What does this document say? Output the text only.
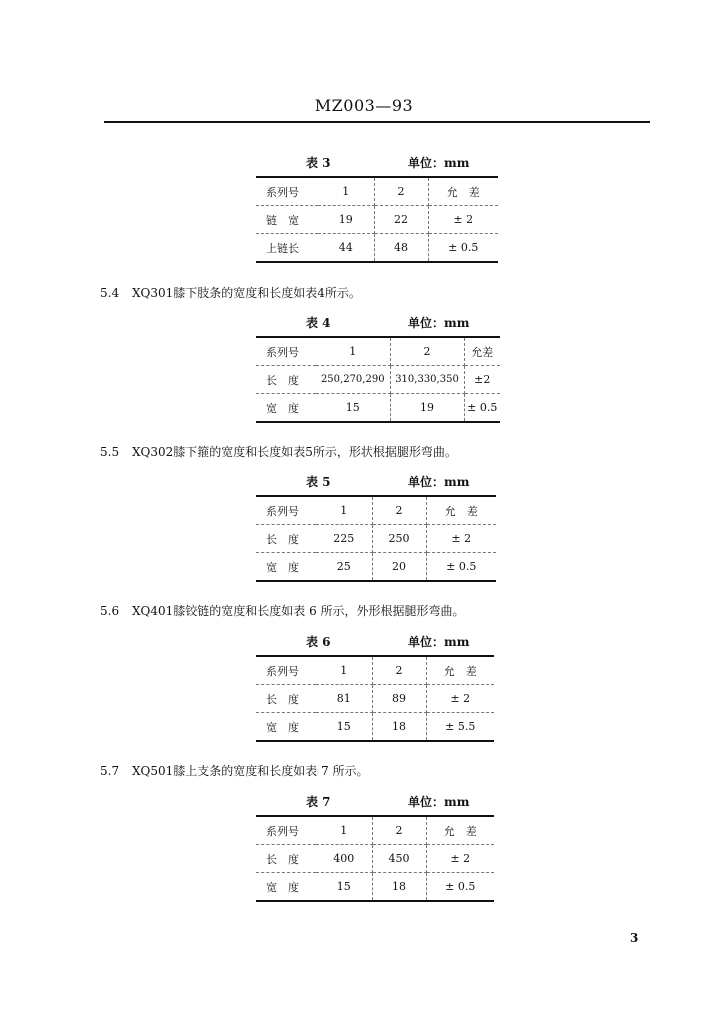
MZ003—93
表 3	单位：mm
系列号	1	2	允　差
链　宽	19	22	± 2
上链长	44	48	± 0.5
5.4 XQ301膝下肢条的宽度和长度如表4所示。
表 4	单位：mm
系列号	1	2	允差
长　度	250,270,290	310,330,350	±2
宽　度	15	19	± 0.5
5.5 XQ302膝下箍的宽度和长度如表5所示，形状根据腿形弯曲。
表 5	单位：mm
系列号	1	2	允　差
长　度	225	250	± 2
宽　度	25	20	± 0.5
5.6 XQ401膝铰链的宽度和长度如表 6 所示，外形根据腿形弯曲。
表 6	单位：mm
系列号	1	2	允　差
长　度	81	89	± 2
宽　度	15	18	± 5.5
5.7 XQ501膝上支条的宽度和长度如表 7 所示。
表 7	单位：mm
系列号	1	2	允　差
长　度	400	450	± 2
宽　度	15	18	± 0.5
3
